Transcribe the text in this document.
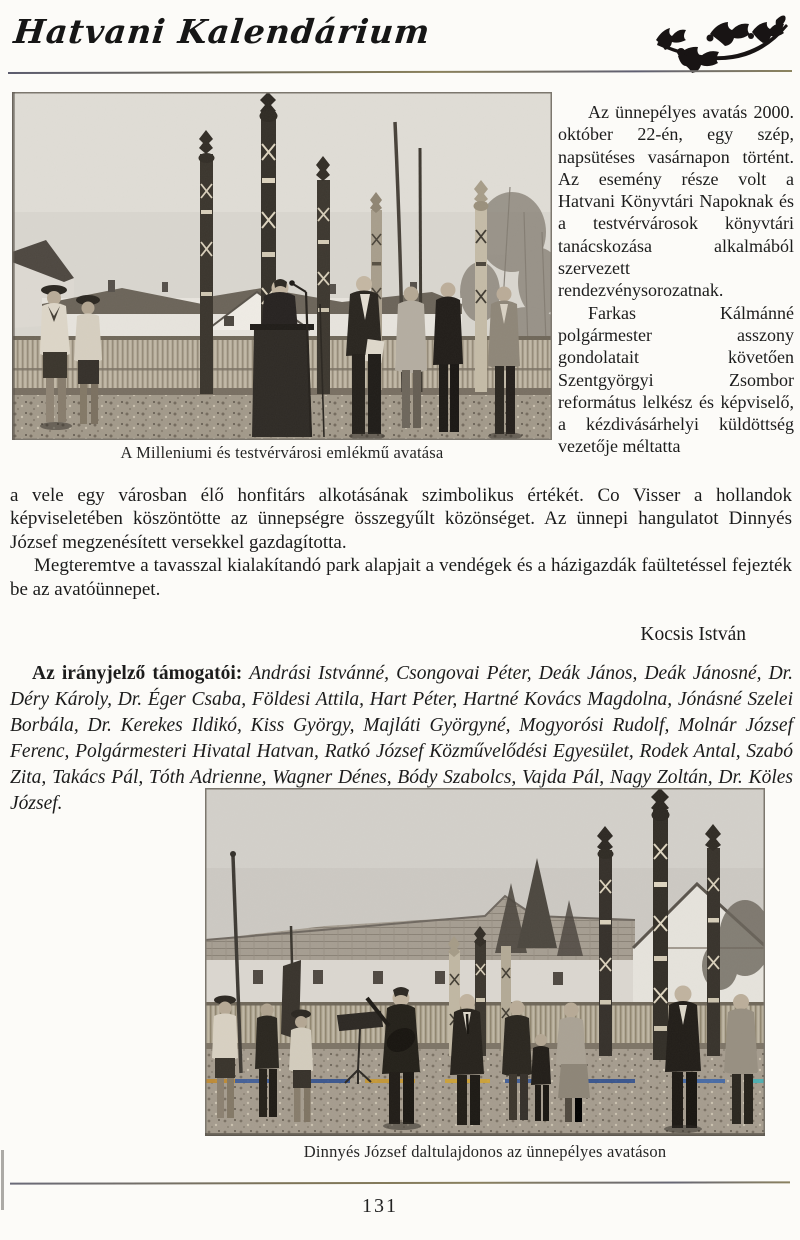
Hatvani Kalendárium
A Milleniumi és testvérvárosi emlékmű avatása

Az ünnepélyes avatás 2000. október 22-én, egy szép, napsütéses vasárnapon történt. Az esemény része volt a Hatvani Könyvtári Napoknak és a testvérvárosok könyvtári tanácskozása alkalmából szervezett rendezvénysorozatnak.

Farkas Kálmánné polgármester asszony gondolatait követően Szentgyörgyi Zsombor református lelkész és képviselő, a kézdivásárhelyi küldöttség vezetője méltatta

a vele egy városban élő honfitárs alkotásának szimbolikus értékét. Co Visser a hollandok képviseletében köszöntötte az ünnepségre összegyűlt közönséget. Az ünnepi hangulatot Dinnyés József megzenésített versekkel gazdagította.

Megteremtve a tavasszal kialakítandó park alapjait a vendégek és a házigazdák faültetéssel fejezték be az avatóünnepet.

Kocsis István
Az irányjelző támogatói: Andrási Istvánné, Csongovai Péter, Deák János, Deák Jánosné, Dr. Déry Károly, Dr. Éger Csaba, Földesi Attila, Hart Péter, Hartné Kovács Magdolna, Jónásné Szelei Borbála, Dr. Kerekes Ildikó, Kiss György, Majláti Györgyné, Mogyorósi Rudolf, Molnár József Ferenc, Polgármesteri Hivatal Hatvan, Ratkó József Közművelődési Egyesület, Rodek Antal, Szabó Zita, Takács Pál, Tóth Adrienne, Wagner Dénes, Bódy Szabolcs, Vajda Pál, Nagy Zoltán, Dr. Köles József.
Dinnyés József daltulajdonos az ünnepélyes avatáson
131
